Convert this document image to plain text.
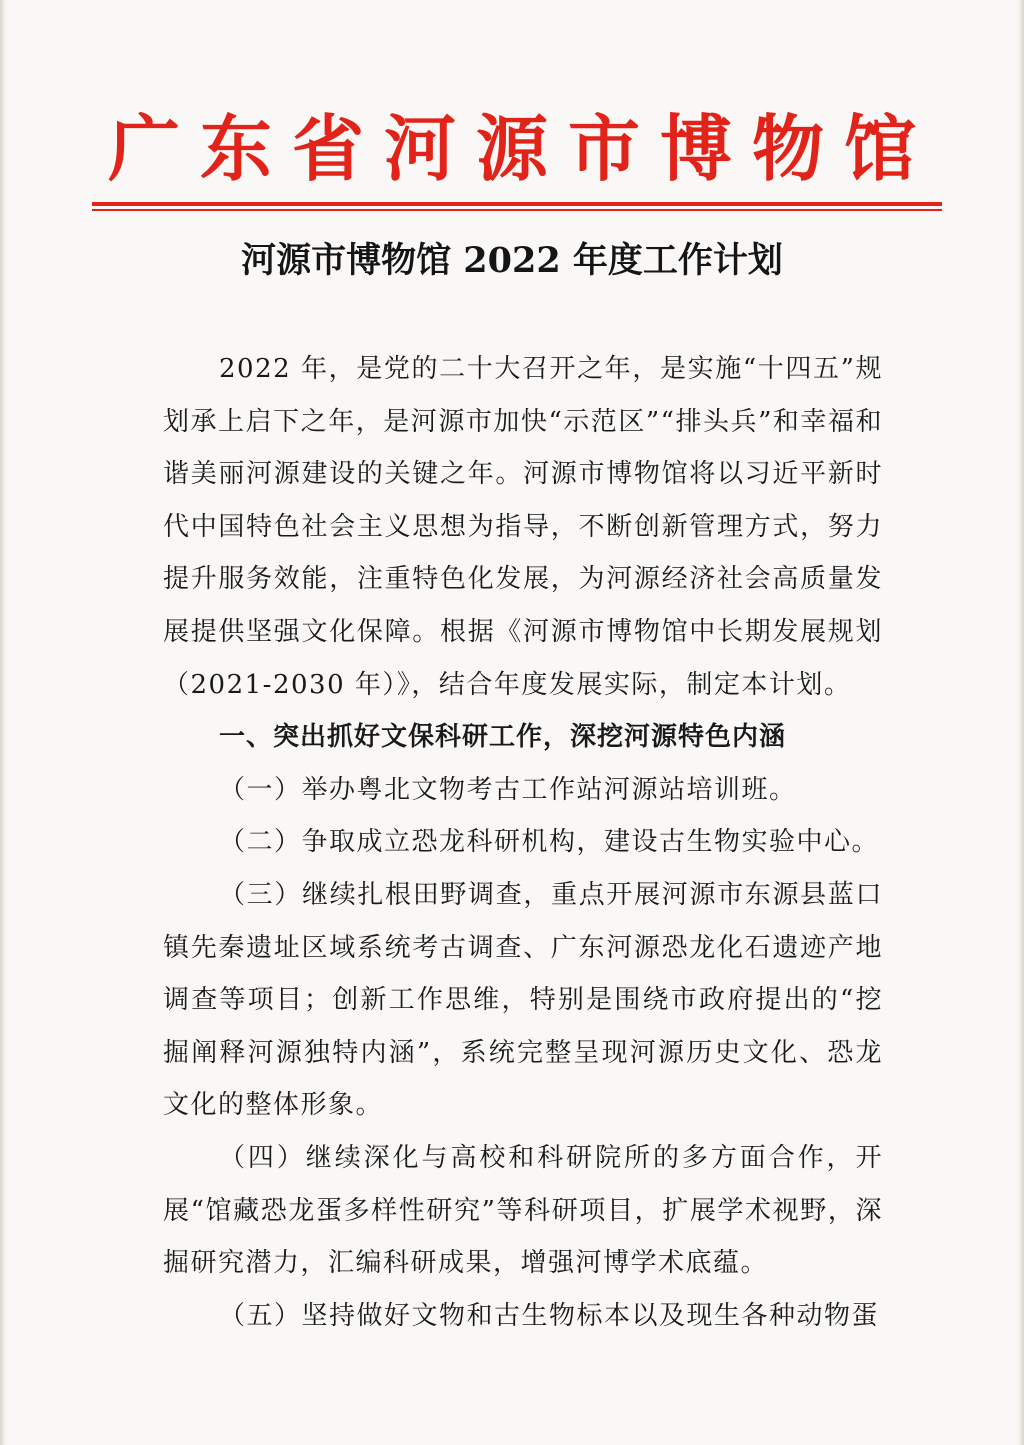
广东省河源市博物馆
河源市博物馆 2022 年度工作计划

2022 年，是党的二十大召开之年，是实施“十四五”规划承上启下之年，是河源市加快“示范区”“排头兵”和幸福和谐美丽河源建设的关键之年。河源市博物馆将以习近平新时代中国特色社会主义思想为指导，不断创新管理方式，努力提升服务效能，注重特色化发展，为河源经济社会高质量发展提供坚强文化保障。根据《河源市博物馆中长期发展规划（2021-2030 年）》，结合年度发展实际，制定本计划。

一、突出抓好文保科研工作，深挖河源特色内涵

（一）举办粤北文物考古工作站河源站培训班。

（二）争取成立恐龙科研机构，建设古生物实验中心。

（三）继续扎根田野调查，重点开展河源市东源县蓝口镇先秦遗址区域系统考古调查、广东河源恐龙化石遗迹产地调查等项目；创新工作思维，特别是围绕市政府提出的“挖掘阐释河源独特内涵”，系统完整呈现河源历史文化、恐龙文化的整体形象。

（四）继续深化与高校和科研院所的多方面合作，开展“馆藏恐龙蛋多样性研究”等科研项目，扩展学术视野，深掘研究潜力，汇编科研成果，增强河博学术底蕴。

（五）坚持做好文物和古生物标本以及现生各种动物蛋
